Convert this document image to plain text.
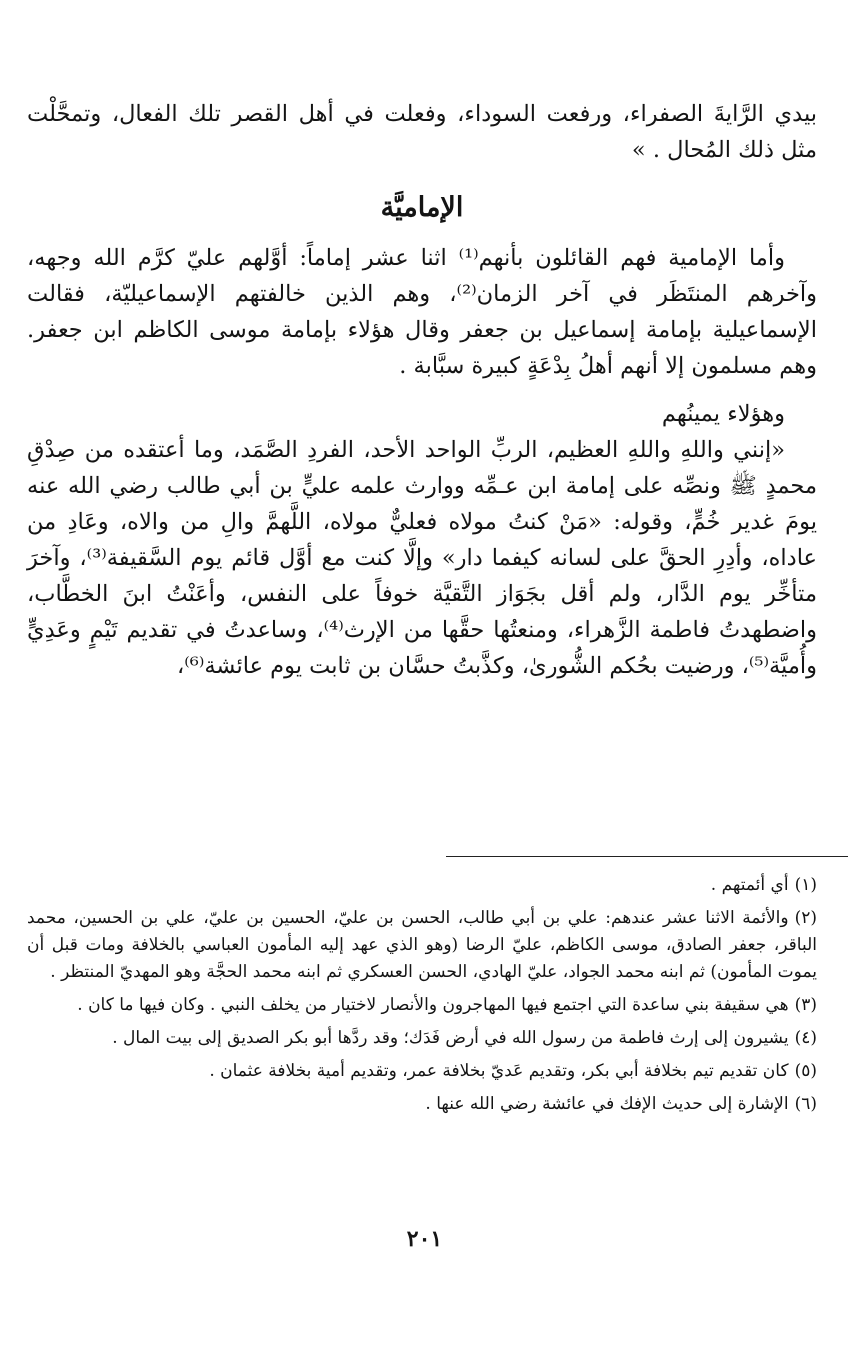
بيدي الرَّايةَ الصفراء، ورفعت السوداء، وفعلت في أهل القصر تلك الفعال، وتمحَّلْت مثل ذلك المُحال . »

الإماميَّة

وأما الإمامية فهم القائلون بأنهم⁽¹⁾ اثنا عشر إماماً: أوَّلهم عليّ كرَّم الله وجهه، وآخرهم المنتَظَر في آخر الزمان⁽²⁾، وهم الذين خالفتهم الإسماعيليّة، فقالت الإسماعيلية بإمامة إسماعيل بن جعفر وقال هؤلاء بإمامة موسى الكاظم ابن جعفر. وهم مسلمون إلا أنهم أهلُ بِدْعَةٍ كبيرة سبَّابة .

وهؤلاء يمينُهم

«إنني واللهِ واللهِ العظيم، الربِّ الواحد الأحد، الفردِ الصَّمَد، وما أعتقده من صِدْقِ محمدٍ ﷺ ونصِّه على إمامة ابن عـمِّه ووارث علمه عليٍّ بن أبي طالب رضي الله عنه يومَ غدير خُمٍّ، وقوله: «مَنْ كنتُ مولاه فعليٌّ مولاه، اللَّهمَّ والِ من والاه، وعَادِ من عاداه، وأدِرِ الحقَّ على لسانه كيفما دار» وإلَّا كنت مع أوَّل قائم يوم السَّقيفة⁽³⁾، وآخرَ متأخِّر يوم الدَّار، ولم أقل بجَوَاز التَّقيَّة خوفاً على النفس، وأعَنْتُ ابنَ الخطَّاب، واضطهدتُ فاطمة الزَّهراء، ومنعتُها حقَّها من الإرث⁽⁴⁾، وساعدتُ في تقديم تَيْمٍ وعَدِيٍّ وأُميَّة⁽⁵⁾، ورضيت بحُكم الشُّورىٰ، وكذَّبتُ حسَّان بن ثابت يوم عائشة⁽⁶⁾،

(١)أي أئمتهم .

(٢)والأئمة الاثنا عشر عندهم: علي بن أبي طالب، الحسن بن عليّ، الحسين بن عليّ، علي بن الحسين، محمد الباقر، جعفر الصادق، موسى الكاظم، عليّ الرضا (وهو الذي عهد إليه المأمون العباسي بالخلافة ومات قبل أن يموت المأمون) ثم ابنه محمد الجواد، عليّ الهادي، الحسن العسكري ثم ابنه محمد الحجَّة وهو المهديّ المنتظر .

(٣)هي سقيفة بني ساعدة التي اجتمع فيها المهاجرون والأنصار لاختيار من يخلف النبي . وكان فيها ما كان .

(٤)يشيرون إلى إرث فاطمة من رسول الله في أرض فَدَك؛ وقد ردَّها أبو بكر الصديق إلى بيت المال .

(٥)كان تقديم تيم بخلافة أبي بكر، وتقديم عَديّ بخلافة عمر، وتقديم أمية بخلافة عثمان .

(٦)الإشارة إلى حديث الإفك في عائشة رضي الله عنها .

٢٠١
